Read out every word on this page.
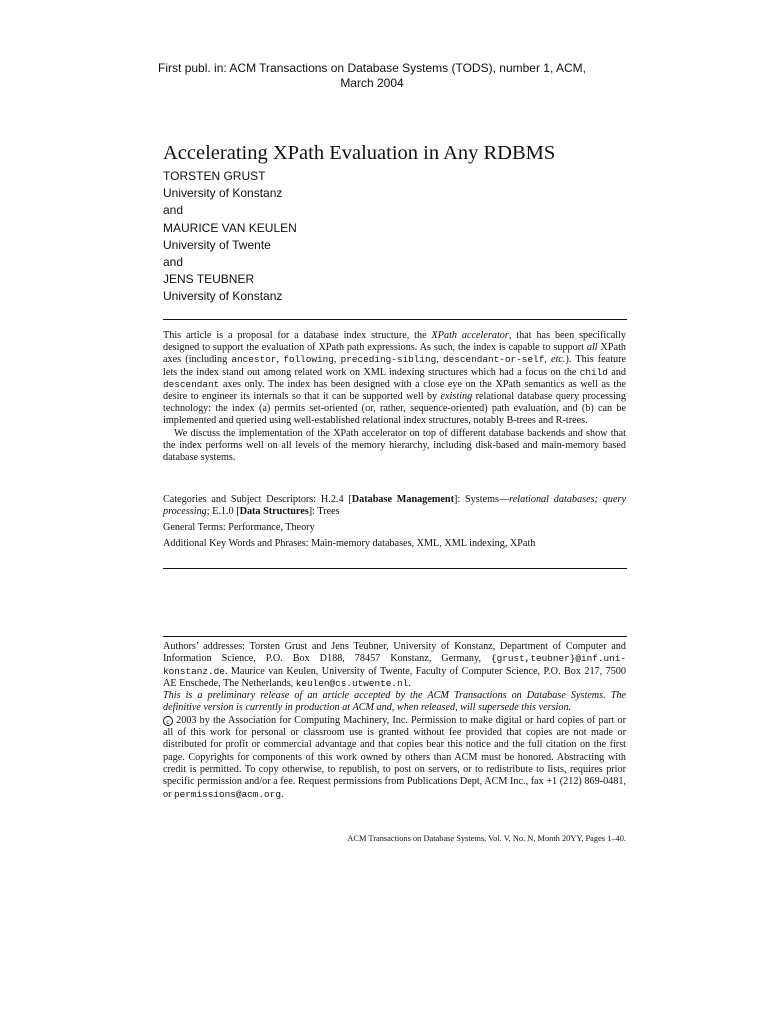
First publ. in: ACM Transactions on Database Systems (TODS), number 1, ACM,
March 2004
Accelerating XPath Evaluation in Any RDBMS
TORSTEN GRUST
University of Konstanz
and
MAURICE VAN KEULEN
University of Twente
and
JENS TEUBNER
University of Konstanz

This article is a proposal for a database index structure, the XPath accelerator, that has been specifically designed to support the evaluation of XPath path expressions. As such, the index is capable to support all XPath axes (including ancestor, following, preceding-sibling, descendant-or-self, etc.). This feature lets the index stand out among related work on XML indexing structures which had a focus on the child and descendant axes only. The index has been designed with a close eye on the XPath semantics as well as the desire to engineer its internals so that it can be supported well by existing relational database query processing technology: the index (a) permits set-oriented (or, rather, sequence-oriented) path evaluation, and (b) can be implemented and queried using well-established relational index structures, notably B-trees and R-trees.

We discuss the implementation of the XPath accelerator on top of different database backends and show that the index performs well on all levels of the memory hierarchy, including disk-based and main-memory based database systems.

Categories and Subject Descriptors: H.2.4 [Database Management]: Systems—relational databases; query processing; E.1.0 [Data Structures]: Trees

General Terms: Performance, Theory

Additional Key Words and Phrases: Main-memory databases, XML, XML indexing, XPath

Authors’ addresses: Torsten Grust and Jens Teubner, University of Konstanz, Department of Computer and Information Science, P.O. Box D188, 78457 Konstanz, Germany, {grust,teubner}@inf.uni-konstanz.de. Maurice van Keulen, University of Twente, Faculty of Computer Science, P.O. Box 217, 7500 AE Enschede, The Netherlands, keulen@cs.utwente.nl.

This is a preliminary release of an article accepted by the ACM Transactions on Database Systems. The definitive version is currently in production at ACM and, when released, will supersede this version.

c 2003 by the Association for Computing Machinery, Inc. Permission to make digital or hard copies of part or all of this work for personal or classroom use is granted without fee provided that copies are not made or distributed for profit or commercial advantage and that copies bear this notice and the full citation on the first page. Copyrights for components of this work owned by others than ACM must be honored. Abstracting with credit is permitted. To copy otherwise, to republish, to post on servers, or to redistribute to lists, requires prior specific permission and/or a fee. Request permissions from Publications Dept, ACM Inc., fax +1 (212) 869-0481, or permissions@acm.org.

ACM Transactions on Database Systems, Vol. V, No. N, Month 20YY, Pages 1–40.
